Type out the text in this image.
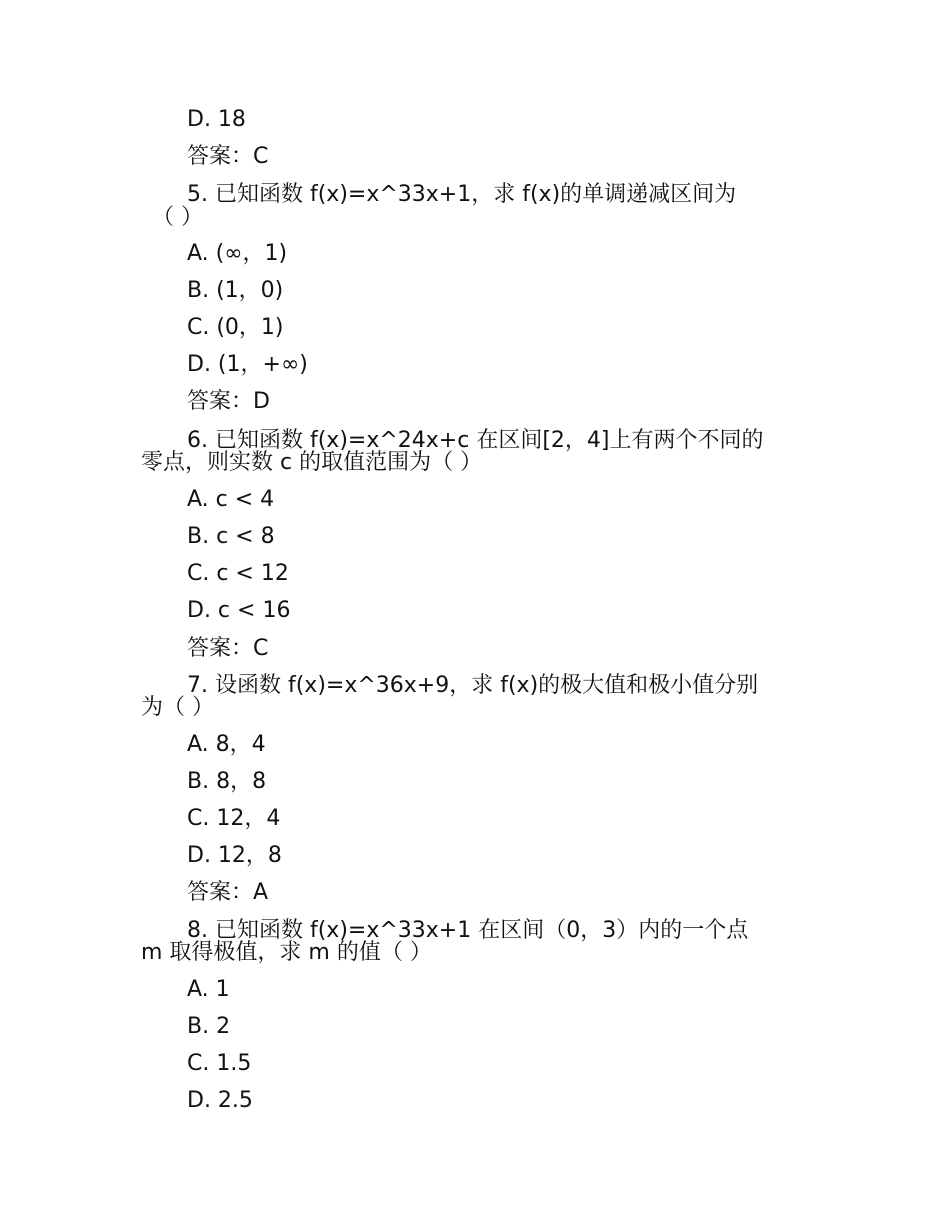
D. 18
答案：C
5. 已知函数 f(x)=x^33x+1，求 f(x)的单调递减区间为
（ ）
A. (∞，1)
B. (1，0)
C. (0，1)
D. (1，+∞)
答案：D
6. 已知函数 f(x)=x^24x+c 在区间[2，4]上有两个不同的
零点，则实数 c 的取值范围为（ ）
A. c < 4
B. c < 8
C. c < 12
D. c < 16
答案：C
7. 设函数 f(x)=x^36x+9，求 f(x)的极大值和极小值分别
为（ ）
A. 8，4
B. 8，8
C. 12，4
D. 12，8
答案：A
8. 已知函数 f(x)=x^33x+1 在区间（0，3）内的一个点
m 取得极值，求 m 的值（ ）
A. 1
B. 2
C. 1.5
D. 2.5
